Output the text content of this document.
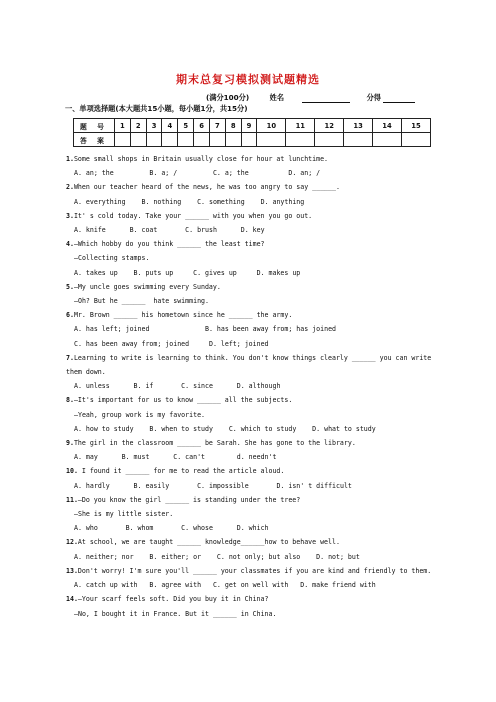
期末总复习模拟测试题精选
(满分100分)	姓名	分得
一、单项选择题(本大题共15小题，每小题1分，共15分)
题 号	1	2	3	4	5	6	7	8	9	10	11	12	13	14	15
答 案															
1.Some small shops in Britain usually close for hour at lunchtime.
A. an; the         B. a; /         C. a; the          D. an; /
2.When our teacher heard of the news, he was too angry to say ______.
A. everything    B. nothing    C. something    D. anything
3.It' s cold today. Take your ______ with you when you go out.
A. knife      B. coat       C. brush      D. key
4.—Which hobby do you think ______ the least time?
—Collecting stamps.
A. takes up    B. puts up     C. gives up     D. makes up
5.—My uncle goes swimming every Sunday.
—Oh? But he ______  hate swimming.
6.Mr. Brown ______ his hometown since he ______ the army.
A. has left; joined              B. has been away from; has joined
C. has been away from; joined     D. left; joined
7.Learning to write is learning to think. You don't know things clearly ______ you can write them down.
A. unless      B. if       C. since      D. although
8.—It's important for us to know ______ all the subjects.
—Yeah, group work is my favorite.
A. how to study    B. when to study    C. which to study    D. what to study
9.The girl in the classroom ______ be Sarah. She has gone to the library.
A. may      B. must      C. can't        d. needn't
10. I found it ______ for me to read the article aloud.
A. hardly      B. easily       C. impossible       D. isn' t difficult
11.—Do you know the girl ______ is standing under the tree?
—She is my little sister.
A. who       B. whom       C. whose      D. which
12.At school, we are taught ______ knowledge______how to behave well.
A. neither; nor    B. either; or    C. not only; but also    D. not; but
13.Don't worry! I'm sure you'll ______ your classmates if you are kind and friendly to them.
A. catch up with   B. agree with   C. get on well with   D. make friend with
14.—Your scarf feels soft. Did you buy it in China?
—No, I bought it in France. But it ______ in China.
